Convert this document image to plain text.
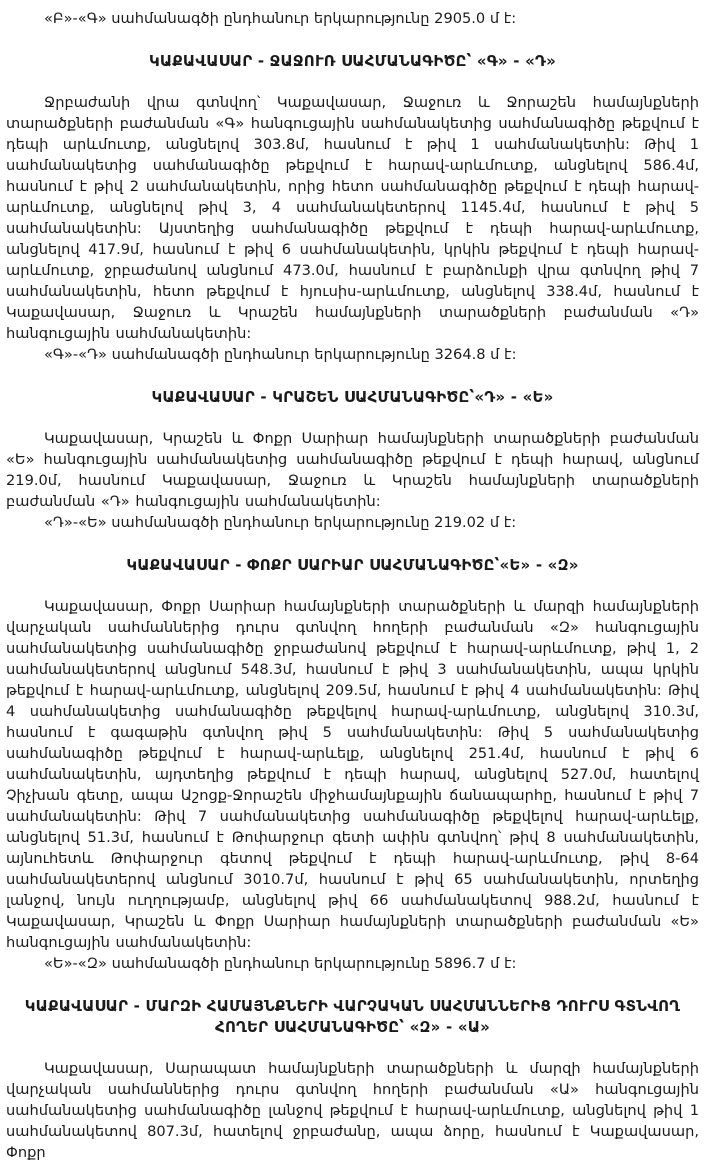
«Բ»-«Գ» սահմանագծի ընդհանուր երկարությունը 2905.0 մ է:

ԿԱՔԱՎԱՍԱՐ - ՋԱՋՈՒՌ ՍԱՀՄԱՆԱԳԻԾԸ՝ «Գ» - «Դ»

Ջրբաժանի վրա գտնվող՝ Կաքավասար, Ջաջուռ և Ջորաշեն համայնքների տարածքների բաժանման «Գ» հանգուցային սահմանակետից սահմանագիծը թեքվում է դեպի արևմուտք, անցնելով 303.8մ, հասնում է թիվ 1 սահմանակետին: Թիվ 1 սահմանակետից սահմանագիծը թեքվում է հարավ-արևմուտք, անցնելով 586.4մ, հասնում է թիվ 2 սահմանակետին, որից հետո սահմանագիծը թեքվում է դեպի հարավ-արևմուտք, անցնելով թիվ 3, 4 սահմանակետերով 1145.4մ, հասնում է թիվ 5 սահմանակետին: Այստեղից սահմանագիծը թեքվում է դեպի հարավ-արևմուտք, անցնելով 417.9մ, հասնում է թիվ 6 սահմանակետին, կրկին թեքվում է դեպի հարավ-արևմուտք, ջրբաժանով անցնում 473.0մ, հասնում է բարձունքի վրա գտնվող թիվ 7 սահմանակետին, հետո թեքվում է հյուսիս-արևմուտք, անցնելով 338.4մ, հասնում է Կաքավասար, Ջաջուռ և Կրաշեն համայնքների տարածքների բաժանման «Դ» հանգուցային սահմանակետին:

«Գ»-«Դ» սահմանագծի ընդհանուր երկարությունը 3264.8 մ է:

ԿԱՔԱՎԱՍԱՐ - ԿՐԱՇԵՆ ՍԱՀՄԱՆԱԳԻԾԸ՝«Դ» - «Ե»

Կաքավասար, Կրաշեն և Փոքր Սարիար համայնքների տարածքների բաժանման «Ե» հանգուցային սահմանակետից սահմանագիծը թեքվում է դեպի հարավ, անցնում 219.0մ, հասնում Կաքավասար, Ջաջուռ և Կրաշեն համայնքների տարածքների բաժանման «Դ» հանգուցային սահմանակետին:

«Դ»-«Ե» սահմանագծի ընդհանուր երկարությունը 219.02 մ է:

ԿԱՔԱՎԱՍԱՐ - ՓՈՔՐ ՍԱՐԻԱՐ ՍԱՀՄԱՆԱԳԻԾԸ՝«Ե» - «Զ»

Կաքավասար, Փոքր Սարիար համայնքների տարածքների և մարզի համայնքների վարչական սահմաններից դուրս գտնվող հողերի բաժանման «Զ» հանգուցային սահմանակետից սահմանագիծը ջրբաժանով թեքվում է հարավ-արևմուտք, թիվ 1, 2 սահմանակետերով անցնում 548.3մ, հասնում է թիվ 3 սահմանակետին, ապա կրկին թեքվում է հարավ-արևմուտք, անցնելով 209.5մ, հասնում է թիվ 4 սահմանակետին: Թիվ 4 սահմանակետից սահմանագիծը թեքվելով հարավ-արևմուտք, անցնելով 310.3մ, հասնում է գագաթին գտնվող թիվ 5 սահմանակետին: Թիվ 5 սահմանակետից սահմանագիծը թեքվում է հարավ-արևելք, անցնելով 251.4մ, հասնում է թիվ 6 սահմանակետին, այդտեղից թեքվում է դեպի հարավ, անցնելով 527.0մ, հատելով Չիչխան գետը, ապա Աշոցք-Ջորաշեն միջհամայնքային ճանապարհը, հասնում է թիվ 7 սահմանակետին: Թիվ 7 սահմանակետից սահմանագիծը թեքվելով հարավ-արևելք, անցնելով 51.3մ, հասնում է Թոփարջուր գետի ափին գտնվող՝ թիվ 8 սահմանակետին, այնուհետև Թոփարջուր գետով թեքվում է դեպի հարավ-արևմուտք, թիվ 8-64 սահմանակետերով անցնում 3010.7մ, հասնում է թիվ 65 սահմանակետին, որտեղից լանջով, նույն ուղղությամբ, անցնելով թիվ 66 սահմանակետով 988.2մ, հասնում է Կաքավասար, Կրաշեն և Փոքր Սարիար համայնքների տարածքների բաժանման «Ե» հանգուցային սահմանակետին:

«Ե»-«Զ» սահմանագծի ընդհանուր երկարությունը 5896.7 մ է:

ԿԱՔԱՎԱՍԱՐ - ՄԱՐԶԻ ՀԱՄԱՅՆՔՆԵՐԻ ՎԱՐՉԱԿԱՆ ՍԱՀՄԱՆՆԵՐԻՑ ԴՈՒՐՍ ԳՏՆՎՈՂ ՀՈՂԵՐ ՍԱՀՄԱՆԱԳԻԾԸ՝ «Զ» - «Ա»

Կաքավասար, Սարապատ համայնքների տարածքների և մարզի համայնքների վարչական սահմաններից դուրս գտնվող հողերի բաժանման «Ա» հանգուցային սահմանակետից սահմանագիծը լանջով թեքվում է հարավ-արևմուտք, անցնելով թիվ 1 սահմանակետով 807.3մ, հատելով ջրբաժանը, ապա ձորը, հասնում է Կաքավասար, Փոքր
